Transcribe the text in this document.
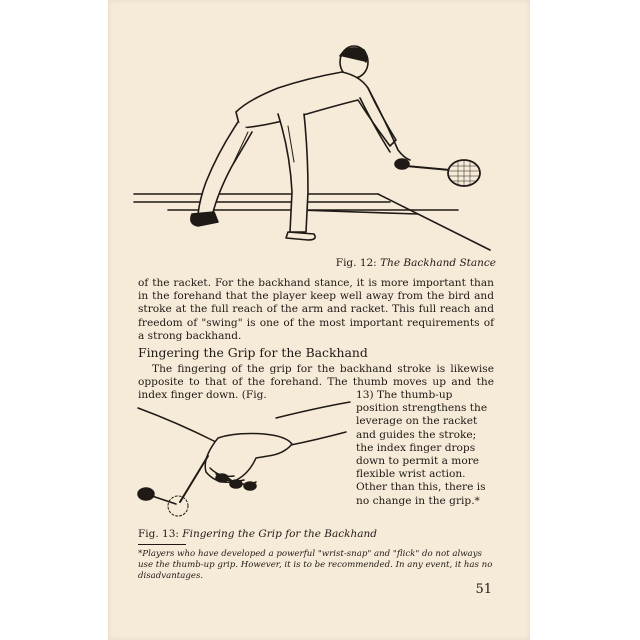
Fig. 12: The Backhand Stance
of the racket. For the backhand stance, it is more important than in the forehand that the player keep well away from the bird and stroke at the full reach of the arm and racket. This full reach and freedom of "swing" is one of the most important requirements of a strong backhand.
Fingering the Grip for the Backhand
The fingering of the grip for the backhand stroke is likewise opposite to that of the forehand. The thumb moves up and the index finger down. (Fig.	13) The thumb-up position strengthens the leverage on the racket and guides the stroke; the index finger drops down to permit a more flexible wrist action. Other than this, there is no change in the grip.*
Fig. 13: Fingering the Grip for the Backhand
*Players who have developed a powerful "wrist-snap" and "flick" do not always use the thumb-up grip. However, it is to be recommended. In any event, it has no disadvantages.
51
